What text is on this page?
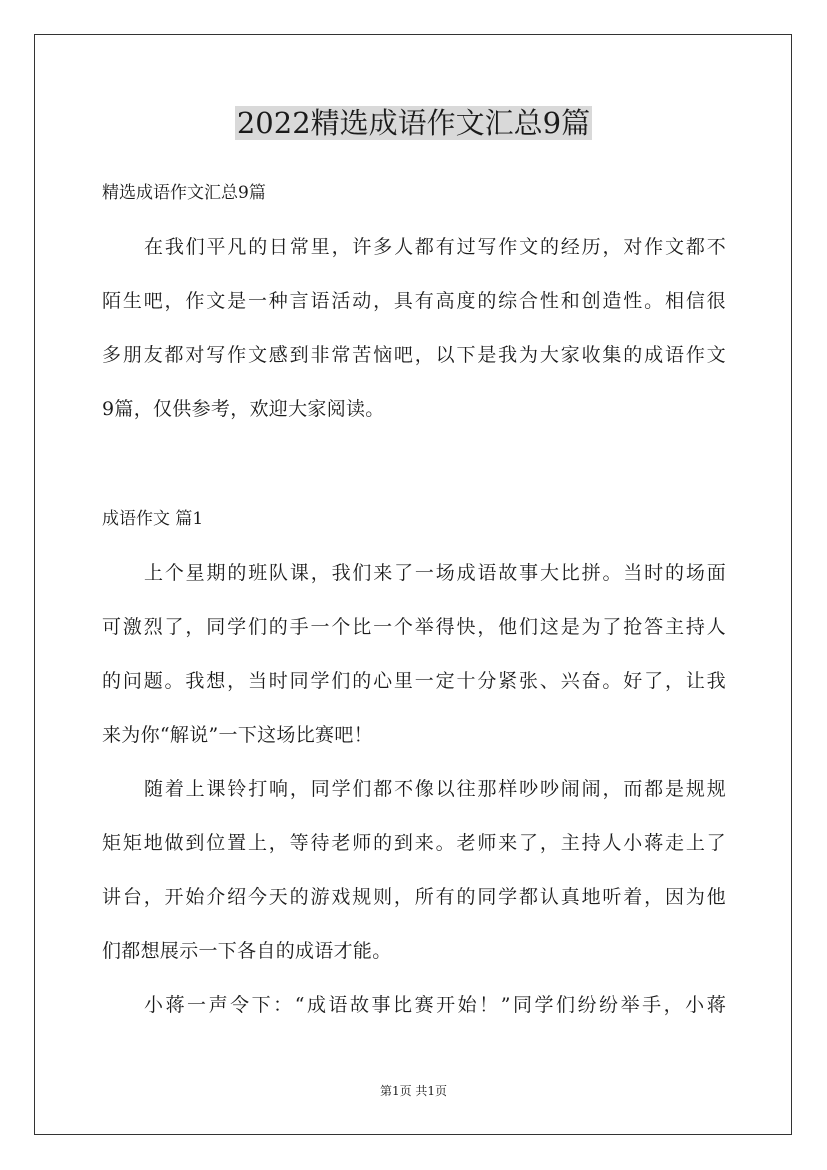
2022精选成语作文汇总9篇

精选成语作文汇总9篇

在我们平凡的日常里，许多人都有过写作文的经历，对作文都不
陌生吧，作文是一种言语活动，具有高度的综合性和创造性。相信很
多朋友都对写作文感到非常苦恼吧，以下是我为大家收集的成语作文
9篇，仅供参考，欢迎大家阅读。

成语作文 篇1

上个星期的班队课，我们来了一场成语故事大比拼。当时的场面
可激烈了，同学们的手一个比一个举得快，他们这是为了抢答主持人
的问题。我想，当时同学们的心里一定十分紧张、兴奋。好了，让我
来为你“解说”一下这场比赛吧！
随着上课铃打响，同学们都不像以往那样吵吵闹闹，而都是规规
矩矩地做到位置上，等待老师的到来。老师来了，主持人小蒋走上了
讲台，开始介绍今天的游戏规则，所有的同学都认真地听着，因为他
们都想展示一下各自的成语才能。
小蒋一声令下：“成语故事比赛开始！”同学们纷纷举手，小蒋

第1页 共1页
